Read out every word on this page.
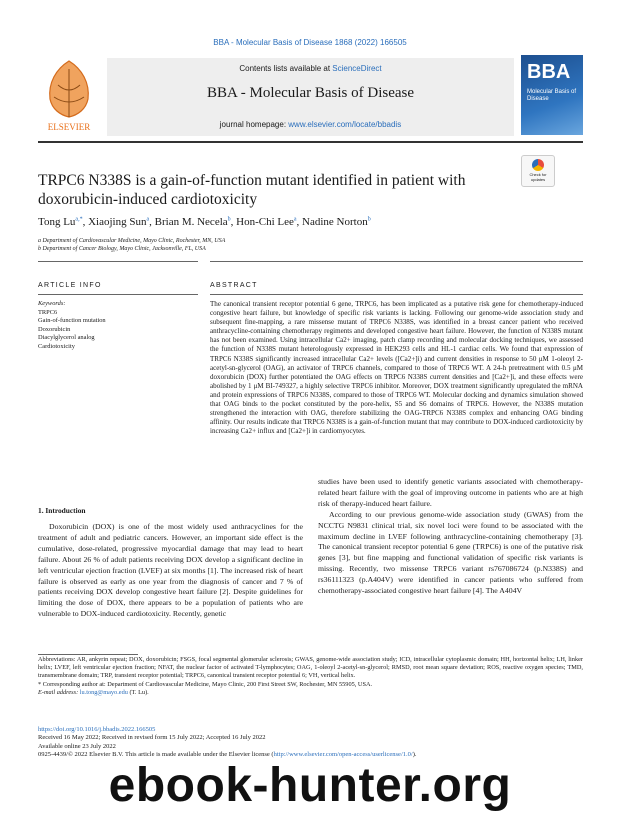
BBA - Molecular Basis of Disease 1868 (2022) 166505
ELSEVIER
Contents lists available at ScienceDirect
BBA - Molecular Basis of Disease
journal homepage: www.elsevier.com/locate/bbadis
BBA
Molecular Basis of Disease
Check for updates
TRPC6 N338S is a gain-of-function mutant identified in patient with doxorubicin-induced cardiotoxicity
Tong $Lu^{a,*}$, Xiaojing Sun$^a$, Brian M. Necela$^b$, Hon-Chi Lee$^a$, Nadine Norton$^b$
a Department of Cardiovascular Medicine, Mayo Clinic, Rochester, MN, USA
b Department of Cancer Biology, Mayo Clinic, Jacksonville, FL, USA
ARTICLE INFO	ABSTRACT
Keywords:
TRPC6
Gain-of-function mutation
Doxorubicin
Diacylglycerol analog
Cardiotoxicity
The canonical transient receptor potential 6 gene, TRPC6, has been implicated as a putative risk gene for chemotherapy-induced congestive heart failure, but knowledge of specific risk variants is lacking. Following our genome-wide association study and subsequent fine-mapping, a rare missense mutant of TRPC6 N338S, was identified in a breast cancer patient who received anthracycline-containing chemotherapy regiments and developed congestive heart failure. However, the function of N338S mutant has not been examined. Using intracellular Ca2+ imaging, patch clamp recording and molecular docking techniques, we assessed the function of N338S mutant heterologously expressed in HEK293 cells and HL-1 cardiac cells. We found that expression of TRPC6 N338S significantly increased intracellular Ca2+ levels ([Ca2+]i) and current densities in response to 50 μM 1-oleoyl 2-acetyl-sn-glycerol (OAG), an activator of TRPC6 channels, compared to those of TRPC6 WT. A 24-h pretreatment with 0.5 μM doxorubicin (DOX) further potentiated the OAG effects on TRPC6 N338S current densities and [Ca2+]i, and these effects were abolished by 1 μM BI-749327, a highly selective TRPC6 inhibitor. Moreover, DOX treatment significantly upregulated the mRNA and protein expressions of TRPC6 N338S, compared to those of TRPC6 WT. Molecular docking and dynamics simulation showed that OAG binds to the pocket constituted by the pore-helix, S5 and S6 domains of TRPC6. However, the N338S mutation strengthened the interaction with OAG, therefore stabilizing the OAG-TRPC6 N338S complex and enhancing OAG binding affinity. Our results indicate that TRPC6 N338S is a gain-of-function mutant that may contribute to DOX-induced cardiotoxicity by increasing Ca2+ influx and [Ca2+]i in cardiomyocytes.
1. Introduction

Doxorubicin (DOX) is one of the most widely used anthracyclines for the treatment of adult and pediatric cancers. However, an important side effect is the cumulative, dose-related, progressive myocardial damage that may lead to heart failure. About 26 % of adult patients receiving DOX develop a significant decline in left ventricular ejection fraction (LVEF) at six months [1]. The increased risk of heart failure is observed as early as one year from the diagnosis of cancer and 7 % of patients receiving DOX develop congestive heart failure [2]. Despite guidelines for limiting the dose of DOX, there appears to be a population of patients who are vulnerable to DOX-induced cardiotoxicity. Recently, genetic

studies have been used to identify genetic variants associated with chemotherapy-related heart failure with the goal of improving outcome in patients who are at high risk of therapy-induced heart failure.

According to our previous genome-wide association study (GWAS) from the NCCTG N9831 clinical trial, six novel loci were found to be associated with the maximum decline in LVEF following anthracycline-containing chemotherapy [3]. The canonical transient receptor potential 6 gene (TRPC6) is one of the putative risk genes [3], but fine mapping and functional validation of specific risk variants is missing. Recently, two missense TRPC6 variant rs767086724 (p.N338S) and rs36111323 (p.A404V) were identified in cancer patients who suffered from chemotherapy-associated congestive heart failure [4]. The A404V

Abbreviations: AR, ankyrin repeat; DOX, doxorubicin; FSGS, focal segmental glomerular sclerosis; GWAS, genome-wide association study; ICD, intracellular cytoplasmic domain; HH, horizontal helix; LH, linker helix; LVEF, left ventricular ejection fraction; NFAT, the nuclear factor of activated T-lymphocytes; OAG, 1-oleoyl 2-acetyl-sn-glycerol; RMSD, root mean square deviation; ROS, reactive oxygen species; TMD, transmembrane domain; TRP, transient receptor potential; TRPC6, canonical transient receptor potential 6; VH, vertical helix.

* Corresponding author at: Department of Cardiovascular Medicine, Mayo Clinic, 200 First Street SW, Rochester, MN 55905, USA.

E-mail address: lu.tong@mayo.edu (T. Lu).

https://doi.org/10.1016/j.bbadis.2022.166505
Received 16 May 2022; Received in revised form 15 July 2022; Accepted 16 July 2022
Available online 23 July 2022
0925-4439/© 2022 Elsevier B.V. This article is made available under the Elsevier license (http://www.elsevier.com/open-access/userlicense/1.0/).
ebook-hunter.org
